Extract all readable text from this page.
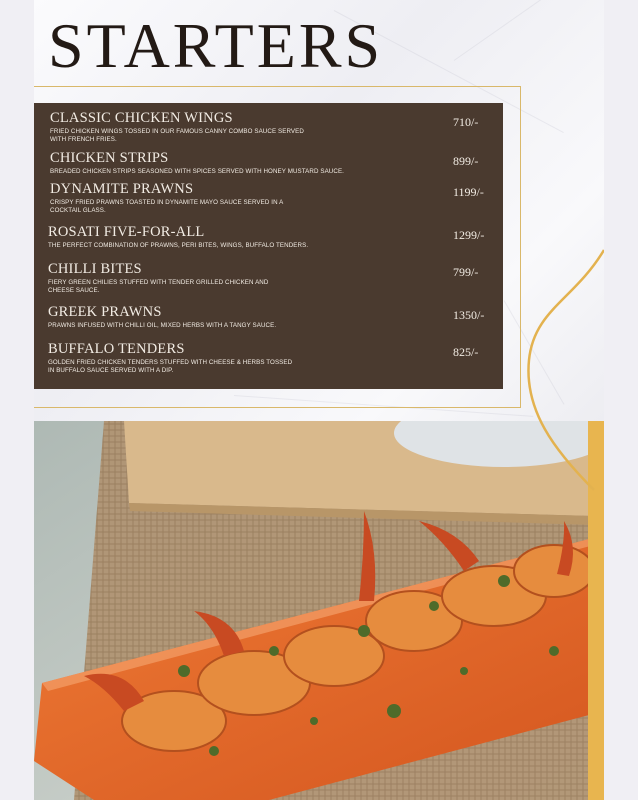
STARTERS
CLASSIC CHICKEN WINGS
FRIED CHICKEN WINGS TOSSED IN OUR FAMOUS CANNY COMBO SAUCE SERVED
WITH FRENCH FRIES.
710/-
CHICKEN STRIPS
BREADED CHICKEN STRIPS SEASONED WITH SPICES SERVED WITH HONEY MUSTARD SAUCE.
899/-
DYNAMITE PRAWNS
CRISPY FRIED PRAWNS TOASTED IN DYNAMITE MAYO SAUCE SERVED IN A
COCKTAIL GLASS.
1199/-
ROSATI FIVE-FOR-ALL
THE PERFECT COMBINATION OF PRAWNS, PERI BITES, WINGS, BUFFALO TENDERS.
1299/-
CHILLI BITES
FIERY GREEN CHILIES STUFFED WITH TENDER GRILLED CHICKEN AND
CHEESE SAUCE.
799/-
GREEK PRAWNS
PRAWNS INFUSED WITH CHILLI OIL, MIXED HERBS WITH A TANGY SAUCE.
1350/-
BUFFALO TENDERS
GOLDEN FRIED CHICKEN TENDERS STUFFED WITH CHEESE & HERBS TOSSED
IN BUFFALO SAUCE SERVED WITH A DIP.
825/-
